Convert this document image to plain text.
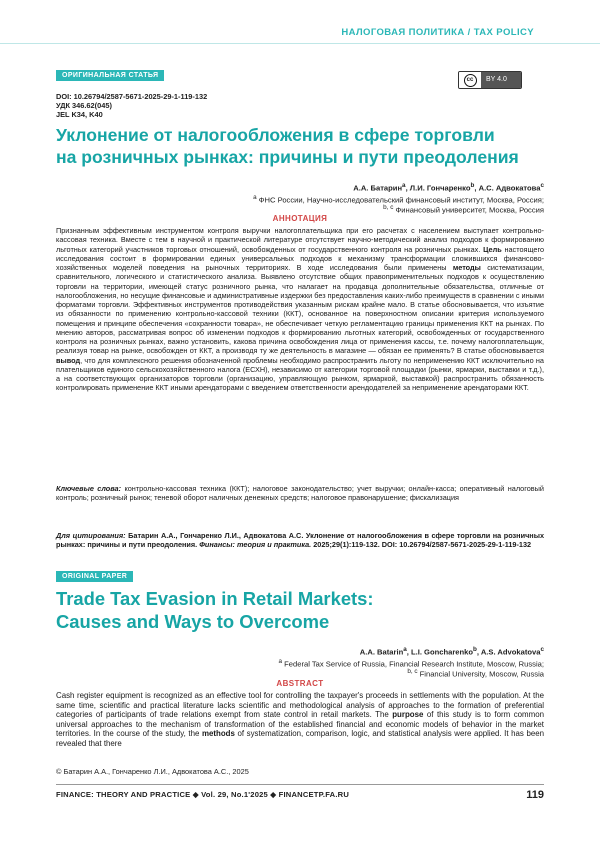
НАЛОГОВАЯ ПОЛИТИКА / TAX POLICY
ОРИГИНАЛЬНАЯ СТАТЬЯ
cc	BY 4.0
DOI: 10.26794/2587-5671-2025-29-1-119-132
УДК 346.62(045)
JEL K34, K40
Уклонение от налогообложения в сфере торговли
на розничных рынках: причины и пути преодоления
А.А. Батарин$^a$, Л.И. Гончаренко$^b$, А.С. Адвокатова$^c$
$^a$ ФНС России, Научно-исследовательский финансовый институт, Москва, Россия;
$^{b, c}$ Финансовый университет, Москва, Россия
АННОТАЦИЯ
Признанным эффективным инструментом контроля выручки налогоплательщика при его расчетах с населением выступает контрольно-кассовая техника. Вместе с тем в научной и практической литературе отсутствует научно-методический анализ подходов к формированию льготных категорий участников торговых отношений, освобожденных от государственного контроля на розничных рынках. Цель настоящего исследования состоит в формировании единых универсальных подходов к механизму трансформации сложившихся финансово-хозяйственных моделей поведения на рыночных территориях. В ходе исследования были применены методы систематизации, сравнительного, логического и статистического анализа. Выявлено отсутствие общих правоприменительных подходов к осуществлению торговли на территории, имеющей статус розничного рынка, что налагает на продавца дополнительные обязательства, отличные от налогообложения, но несущие финансовые и административные издержки без предоставления каких-либо преимуществ в сравнении с иными форматами торговли. Эффективных инструментов противодействия указанным рискам крайне мало. В статье обосновывается, что изъятие из обязанности по применению контрольно-кассовой техники (ККТ), основанное на поверхностном описании критерия используемого помещения и принципе обеспечения «сохранности товара», не обеспечивает четкую регламентацию границы применения ККТ на рынках. По мнению авторов, рассматривая вопрос об изменении подходов к формированию льготных категорий, освобожденных от государственного контроля на розничных рынках, важно установить, какова причина освобождения лица от применения кассы, т.е. почему налогоплательщик, реализуя товар на рынке, освобожден от ККТ, а производя ту же деятельность в магазине — обязан ее применять? В статье обосновывается вывод, что для комплексного решения обозначенной проблемы необходимо распространить льготу по неприменению ККТ исключительно на плательщиков единого сельскохозяйственного налога (ЕСХН), независимо от категории торговой площадки (рынки, ярмарки, выставки и т.д.), а на соответствующих организаторов торговли (организацию, управляющую рынком, ярмаркой, выставкой) распространить обязанность контролировать применение ККТ иными арендаторами с введением ответственности арендодателей за неприменение арендаторами ККТ.
Ключевые слова: контрольно-кассовая техника (ККТ); налоговое законодательство; учет выручки; онлайн-касса; оперативный налоговый контроль; розничный рынок; теневой оборот наличных денежных средств; налоговое правонарушение; фискализация
Для цитирования: Батарин А.А., Гончаренко Л.И., Адвокатова А.С. Уклонение от налогообложения в сфере торговли на розничных рынках: причины и пути преодоления. Финансы: теория и практика. 2025;29(1):119-132. DOI: 10.26794/2587-5671-2025-29-1-119-132
ORIGINAL PAPER
Trade Tax Evasion in Retail Markets:
Causes and Ways to Overcome
A.A. Batarin$^a$, L.I. Goncharenko$^b$, A.S. Advokatova$^c$
$^a$ Federal Tax Service of Russia, Financial Research Institute, Moscow, Russia;
$^{b, c}$ Financial University, Moscow, Russia
ABSTRACT
Cash register equipment is recognized as an effective tool for controlling the taxpayer's proceeds in settlements with the population. At the same time, scientific and practical literature lacks scientific and methodological analysis of approaches to the formation of preferential categories of participants of trade relations exempt from state control in retail markets. The purpose of this study is to form common universal approaches to the mechanism of transformation of the established financial and economic models of behavior in the market territories. In the course of the study, the methods of systematization, comparison, logic, and statistical analysis were applied. It has been revealed that there
© Батарин А.А., Гончаренко Л.И., Адвокатова А.С., 2025
FINANCE: THEORY AND PRACTICE ◆ Vol. 29, No.1'2025 ◆ FINANCETP.FA.RU	119
